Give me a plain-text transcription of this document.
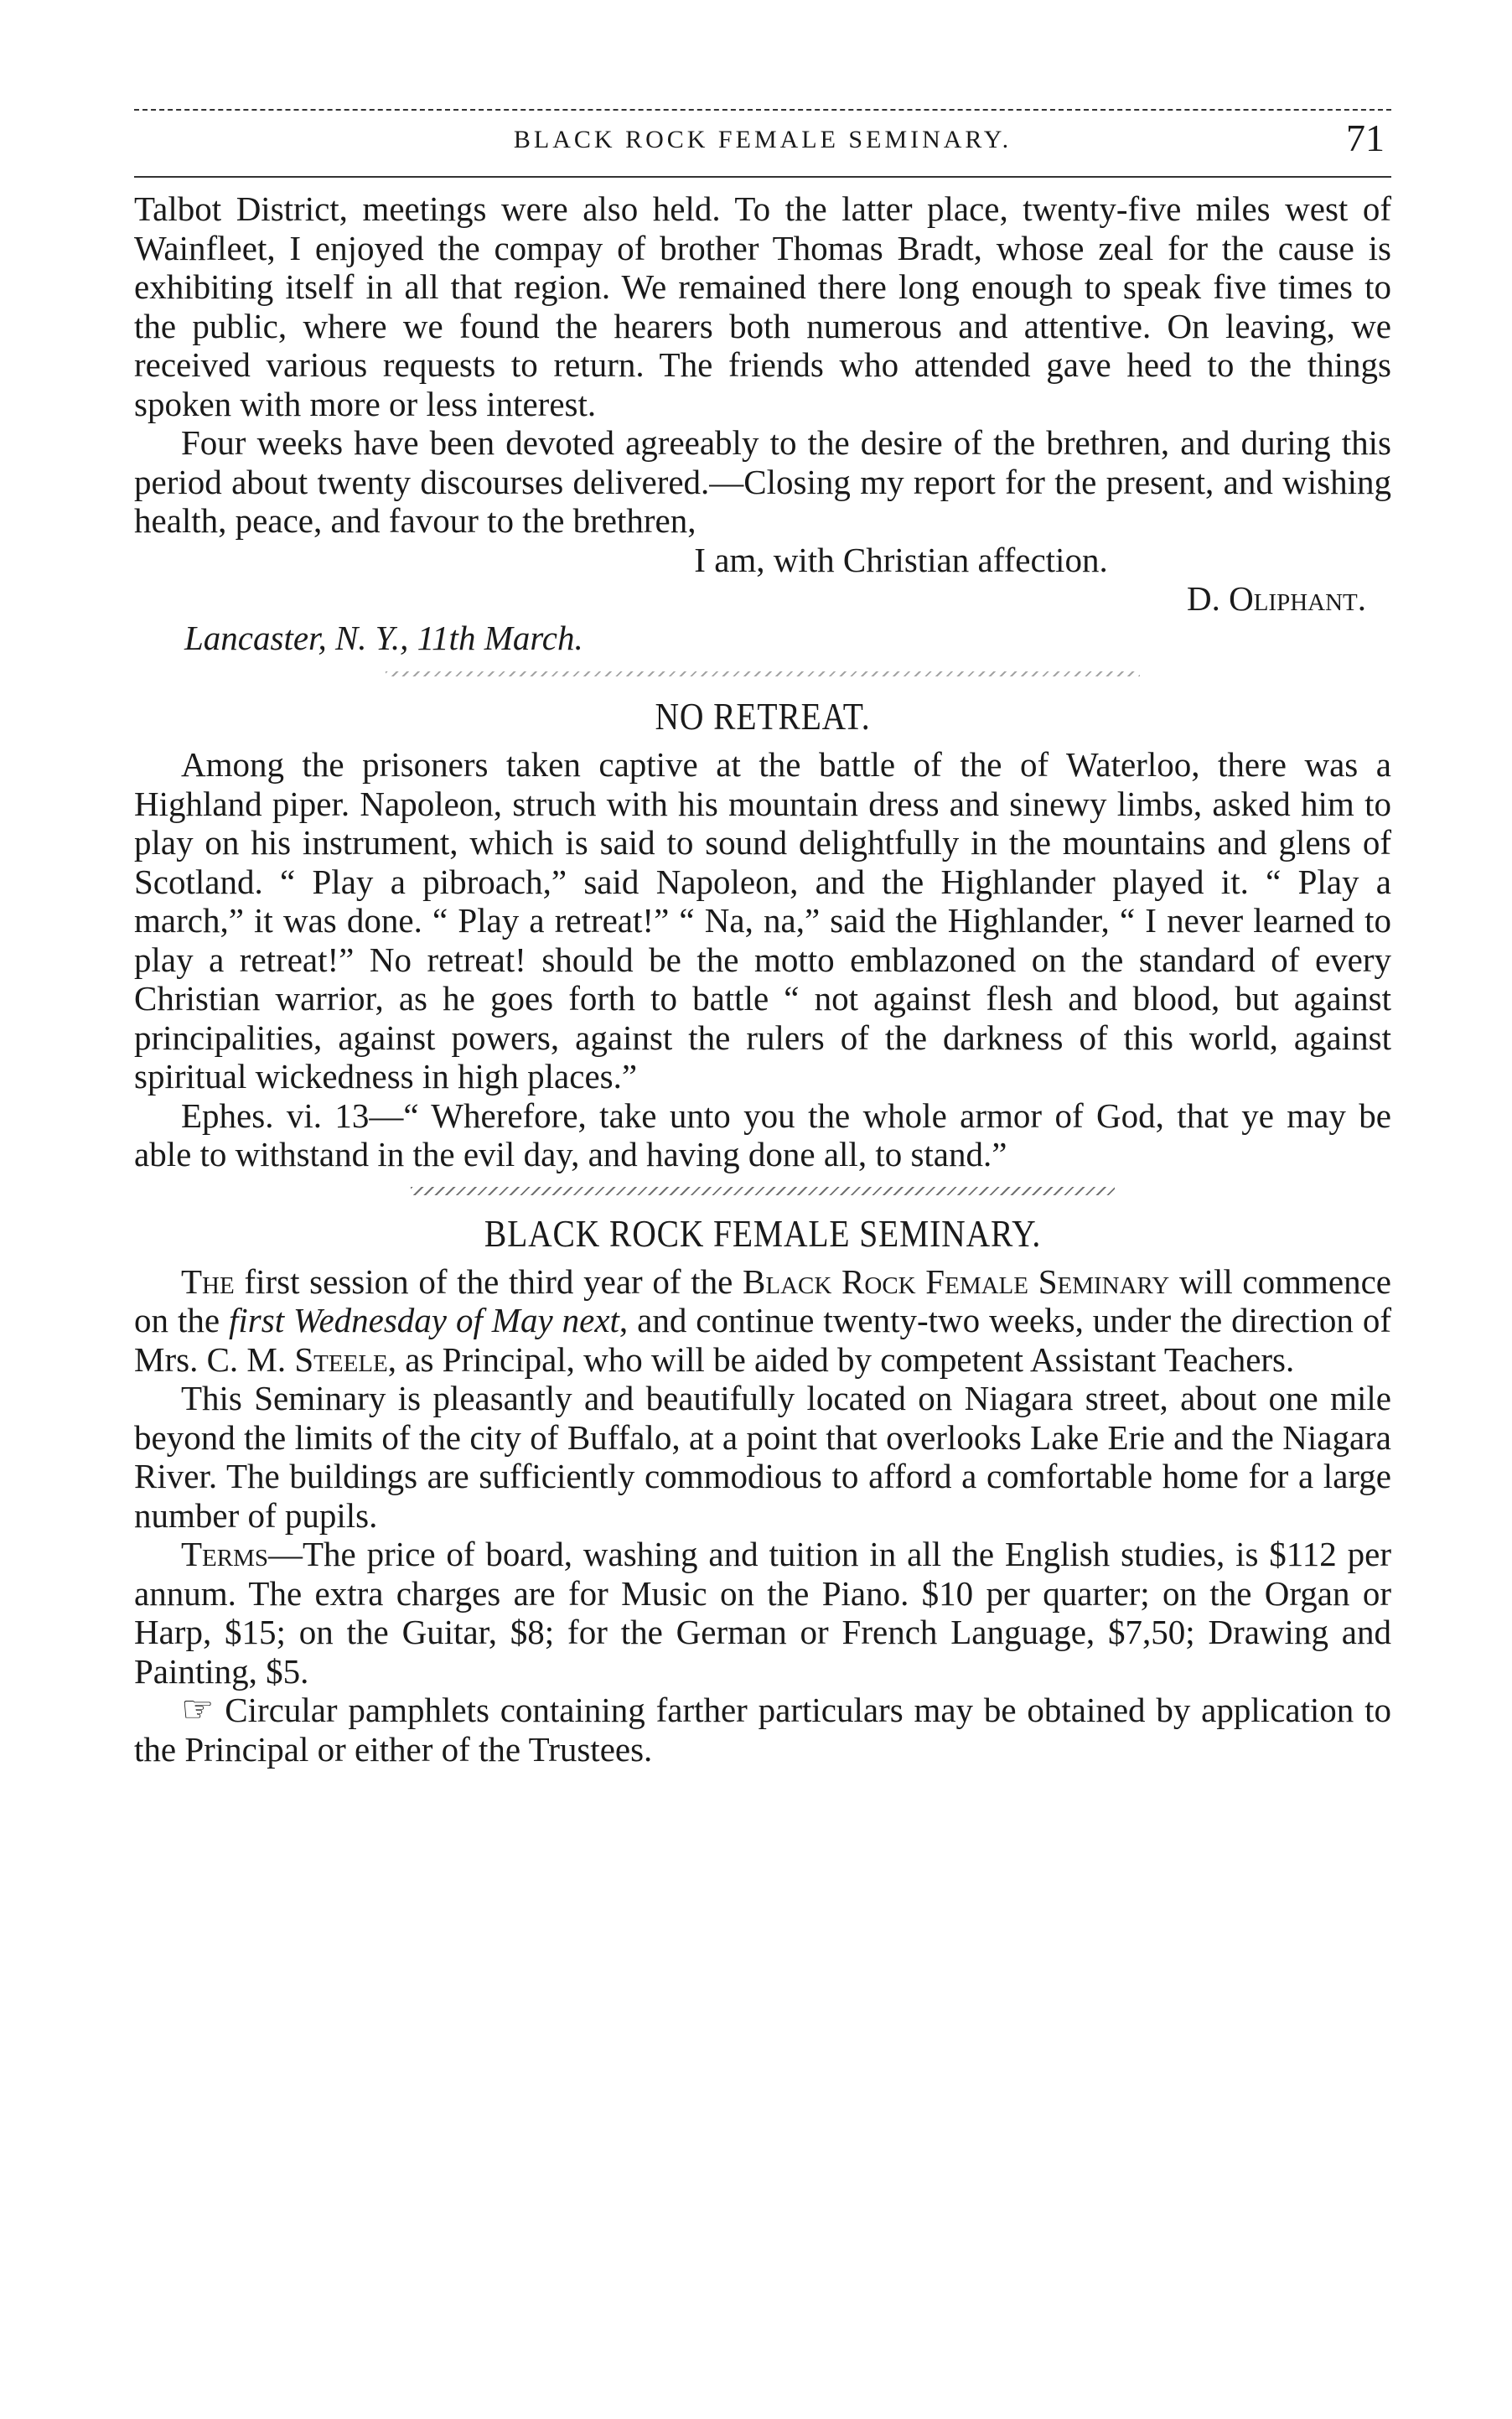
BLACK ROCK FEMALE SEMINARY.	71

Talbot District, meetings were also held. To the latter place, twenty-five miles west of Wainfleet, I enjoyed the compay of brother Thomas Bradt, whose zeal for the cause is exhibiting itself in all that region. We remained there long enough to speak five times to the public, where we found the hearers both numerous and attentive. On leaving, we received various requests to return. The friends who attended gave heed to the things spoken with more or less interest.

Four weeks have been devoted agreeably to the desire of the brethren, and during this period about twenty discourses delivered.—Closing my report for the present, and wishing health, peace, and favour to the brethren,

I am, with Christian affection.

D. Oliphant.

Lancaster, N. Y., 11th March.

NO RETREAT.

Among the prisoners taken captive at the battle of the of Waterloo, there was a Highland piper. Napoleon, struch with his mountain dress and sinewy limbs, asked him to play on his instrument, which is said to sound delightfully in the mountains and glens of Scotland. “ Play a pibroach,” said Napoleon, and the Highlander played it. “ Play a march,” it was done. “ Play a retreat!” “ Na, na,” said the Highlander, “ I never learned to play a retreat!” No retreat! should be the motto emblazoned on the standard of every Christian warrior, as he goes forth to battle “ not against flesh and blood, but against principalities, against powers, against the rulers of the darkness of this world, against spiritual wickedness in high places.”

Ephes. vi. 13—“ Wherefore, take unto you the whole armor of God, that ye may be able to withstand in the evil day, and having done all, to stand.”

BLACK ROCK FEMALE SEMINARY.

The first session of the third year of the Black Rock Female Seminary will commence on the first Wednesday of May next, and continue twenty-two weeks, under the direction of Mrs. C. M. Steele, as Principal, who will be aided by competent Assistant Teachers.

This Seminary is pleasantly and beautifully located on Niagara street, about one mile beyond the limits of the city of Buffalo, at a point that overlooks Lake Erie and the Niagara River. The buildings are sufficiently commodious to afford a comfortable home for a large number of pupils.

Terms—The price of board, washing and tuition in all the English studies, is $112 per annum. The extra charges are for Music on the Piano. $10 per quarter; on the Organ or Harp, $15; on the Guitar, $8; for the German or French Language, $7,50; Drawing and Painting, $5.

☞ Circular pamphlets containing farther particulars may be obtained by application to the Principal or either of the Trustees.
